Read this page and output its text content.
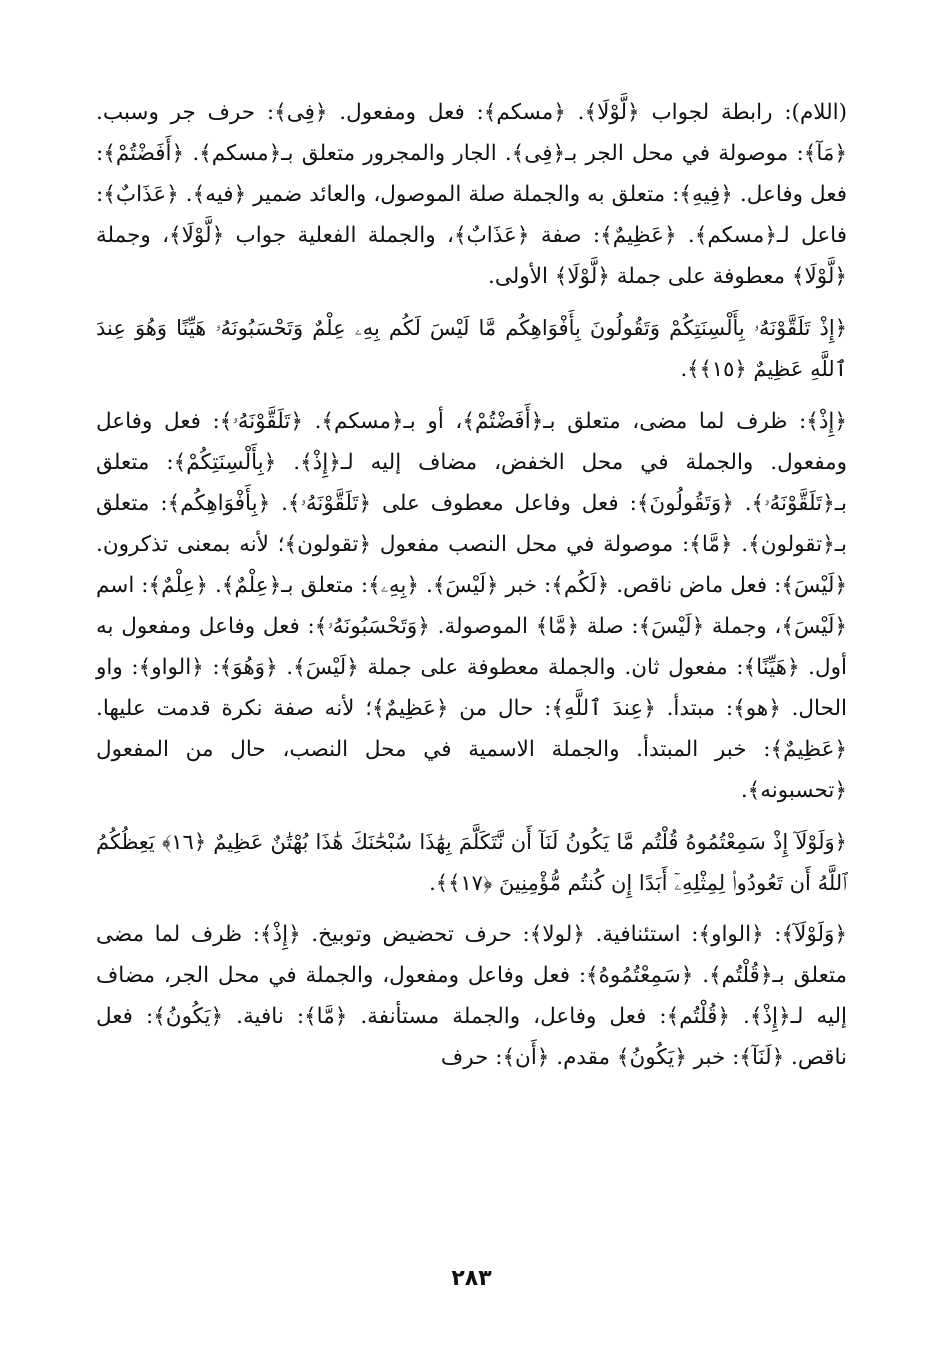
(اللام): رابطة لجواب ﴿لَّوْلَا﴾. ﴿مسكم﴾: فعل ومفعول. ﴿فِى﴾: حرف جر وسبب. ﴿مَآ﴾: موصولة في محل الجر بـ﴿فِى﴾. الجار والمجرور متعلق بـ﴿مسكم﴾. ﴿أَفَضْتُمْ﴾: فعل وفاعل. ﴿فِيهِ﴾: متعلق به والجملة صلة الموصول، والعائد ضمير ﴿فيه﴾. ﴿عَذَابٌ﴾: فاعل لـ﴿مسكم﴾. ﴿عَظِيمٌ﴾: صفة ﴿عَذَابٌ﴾، والجملة الفعلية جواب ﴿لَّوْلَا﴾، وجملة ﴿لَّوْلَا﴾ معطوفة على جملة ﴿لَّوْلَا﴾ الأولى.

﴿إِذْ تَلَقَّوْنَهُۥ بِأَلْسِنَتِكُمْ وَتَقُولُونَ بِأَفْوَاهِكُم مَّا لَيْسَ لَكُم بِهِۦ عِلْمٌ وَتَحْسَبُونَهُۥ هَيِّنًا وَهُوَ عِندَ ٱللَّهِ عَظِيمٌ ﴿١٥﴾﴾.

﴿إِذْ﴾: ظرف لما مضى، متعلق بـ﴿أَفَضْتُمْ﴾، أو بـ﴿مسكم﴾. ﴿تَلَقَّوْنَهُۥ﴾: فعل وفاعل ومفعول. والجملة في محل الخفض، مضاف إليه لـ﴿إِذْ﴾. ﴿بِأَلْسِنَتِكُمْ﴾: متعلق بـ﴿تَلَقَّوْنَهُۥ﴾. ﴿وَتَقُولُونَ﴾: فعل وفاعل معطوف على ﴿تَلَقَّوْنَهُۥ﴾. ﴿بِأَفْوَاهِكُم﴾: متعلق بـ﴿تقولون﴾. ﴿مَّا﴾: موصولة في محل النصب مفعول ﴿تقولون﴾؛ لأنه بمعنى تذكرون. ﴿لَيْسَ﴾: فعل ماض ناقص. ﴿لَكُم﴾: خبر ﴿لَيْسَ﴾. ﴿بِهِۦ﴾: متعلق بـ﴿عِلْمٌ﴾. ﴿عِلْمٌ﴾: اسم ﴿لَيْسَ﴾، وجملة ﴿لَيْسَ﴾: صلة ﴿مَّا﴾ الموصولة. ﴿وَتَحْسَبُونَهُۥ﴾: فعل وفاعل ومفعول به أول. ﴿هَيِّنًا﴾: مفعول ثان. والجملة معطوفة على جملة ﴿لَيْسَ﴾. ﴿وَهُوَ﴾: ﴿الواو﴾: واو الحال. ﴿هو﴾: مبتدأ. ﴿عِندَ ٱللَّهِ﴾: حال من ﴿عَظِيمٌ﴾؛ لأنه صفة نكرة قدمت عليها. ﴿عَظِيمٌ﴾: خبر المبتدأ. والجملة الاسمية في محل النصب، حال من المفعول ﴿تحسبونه﴾.

﴿وَلَوْلَآ إِذْ سَمِعْتُمُوهُ قُلْتُم مَّا يَكُونُ لَنَآ أَن نَّتَكَلَّمَ بِهَٰذَا سُبْحَٰنَكَ هَٰذَا بُهْتَٰنٌ عَظِيمٌ ﴿١٦﴾ يَعِظُكُمُ ٱللَّهُ أَن تَعُودُوا۟ لِمِثْلِهِۦٓ أَبَدًا إِن كُنتُم مُّؤْمِنِينَ ﴿١٧﴾﴾.

﴿وَلَوْلَآ﴾: ﴿الواو﴾: استئنافية. ﴿لولا﴾: حرف تحضيض وتوبيخ. ﴿إِذْ﴾: ظرف لما مضى متعلق بـ﴿قُلْتُم﴾. ﴿سَمِعْتُمُوهُ﴾: فعل وفاعل ومفعول، والجملة في محل الجر، مضاف إليه لـ﴿إِذْ﴾. ﴿قُلْتُم﴾: فعل وفاعل، والجملة مستأنفة. ﴿مَّا﴾: نافية. ﴿يَكُونُ﴾: فعل ناقص. ﴿لَنَآ﴾: خبر ﴿يَكُونُ﴾ مقدم. ﴿أَن﴾: حرف

٢٨٣
